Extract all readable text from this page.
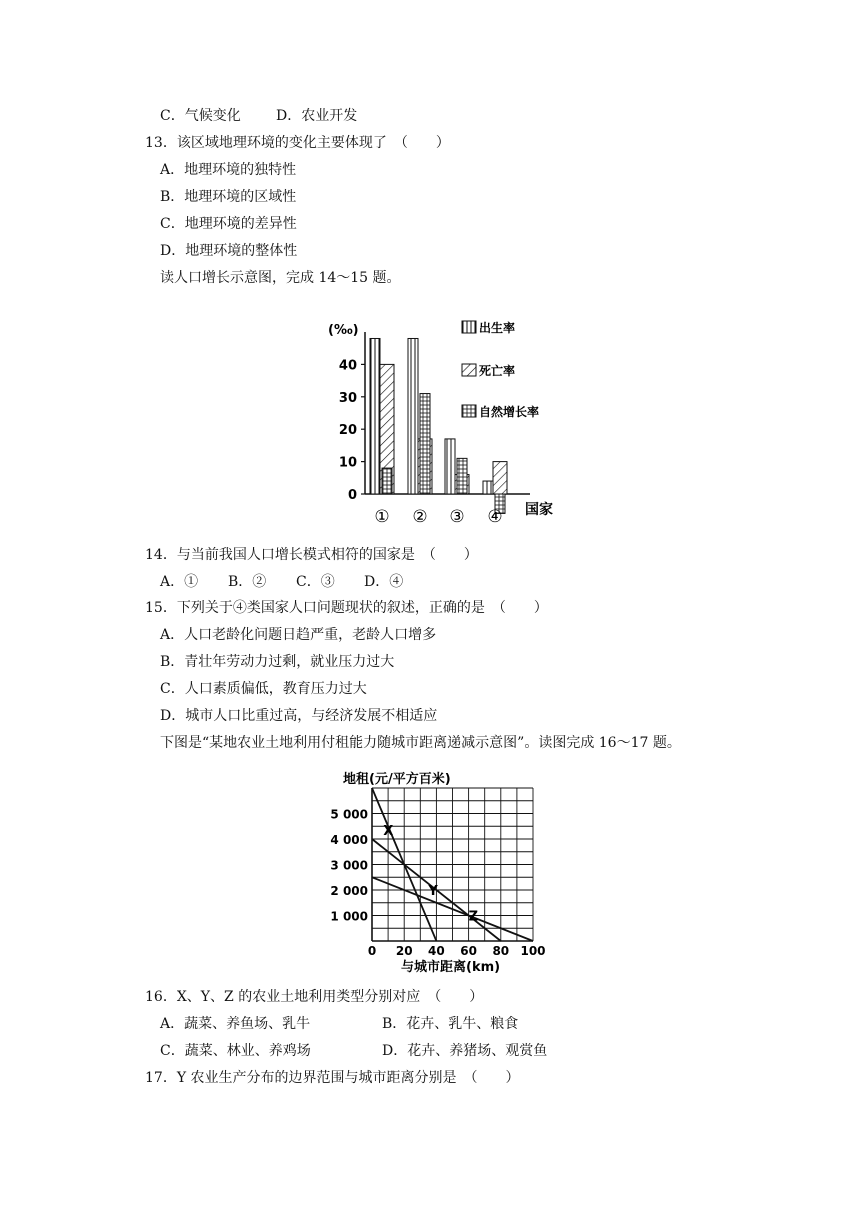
C．气候变化	D．农业开发
13．该区域地理环境的变化主要体现了　（　　）
A．地理环境的独特性
B．地理环境的区域性
C．地理环境的差异性
D．地理环境的整体性
读人口增长示意图，完成 14～15 题。
(‰)
0
10
20
30
40
① ② ③ ④ 国家
出生率
死亡率
自然增长率
14．与当前我国人口增长模式相符的国家是　（　　）
A．① B．② C．③ D．④
15．下列关于④类国家人口问题现状的叙述，正确的是　（　　）
A．人口老龄化问题日趋严重，老龄人口增多
B．青壮年劳动力过剩，就业压力过大
C．人口素质偏低，教育压力过大
D．城市人口比重过高，与经济发展不相适应
下图是“某地农业土地利用付租能力随城市距离递减示意图”。读图完成 16～17 题。
地租(元/平方百米)
1 000
2 000
3 000
4 000
5 000
0 20 40 60 80 100
X
Y
Z
与城市距离(km)
16．X、Y、Z 的农业土地利用类型分别对应　（　　）
A．蔬菜、养鱼场、乳牛	B．花卉、乳牛、粮食
C．蔬菜、林业、养鸡场	D．花卉、养猪场、观赏鱼
17．Y 农业生产分布的边界范围与城市距离分别是　（　　）
